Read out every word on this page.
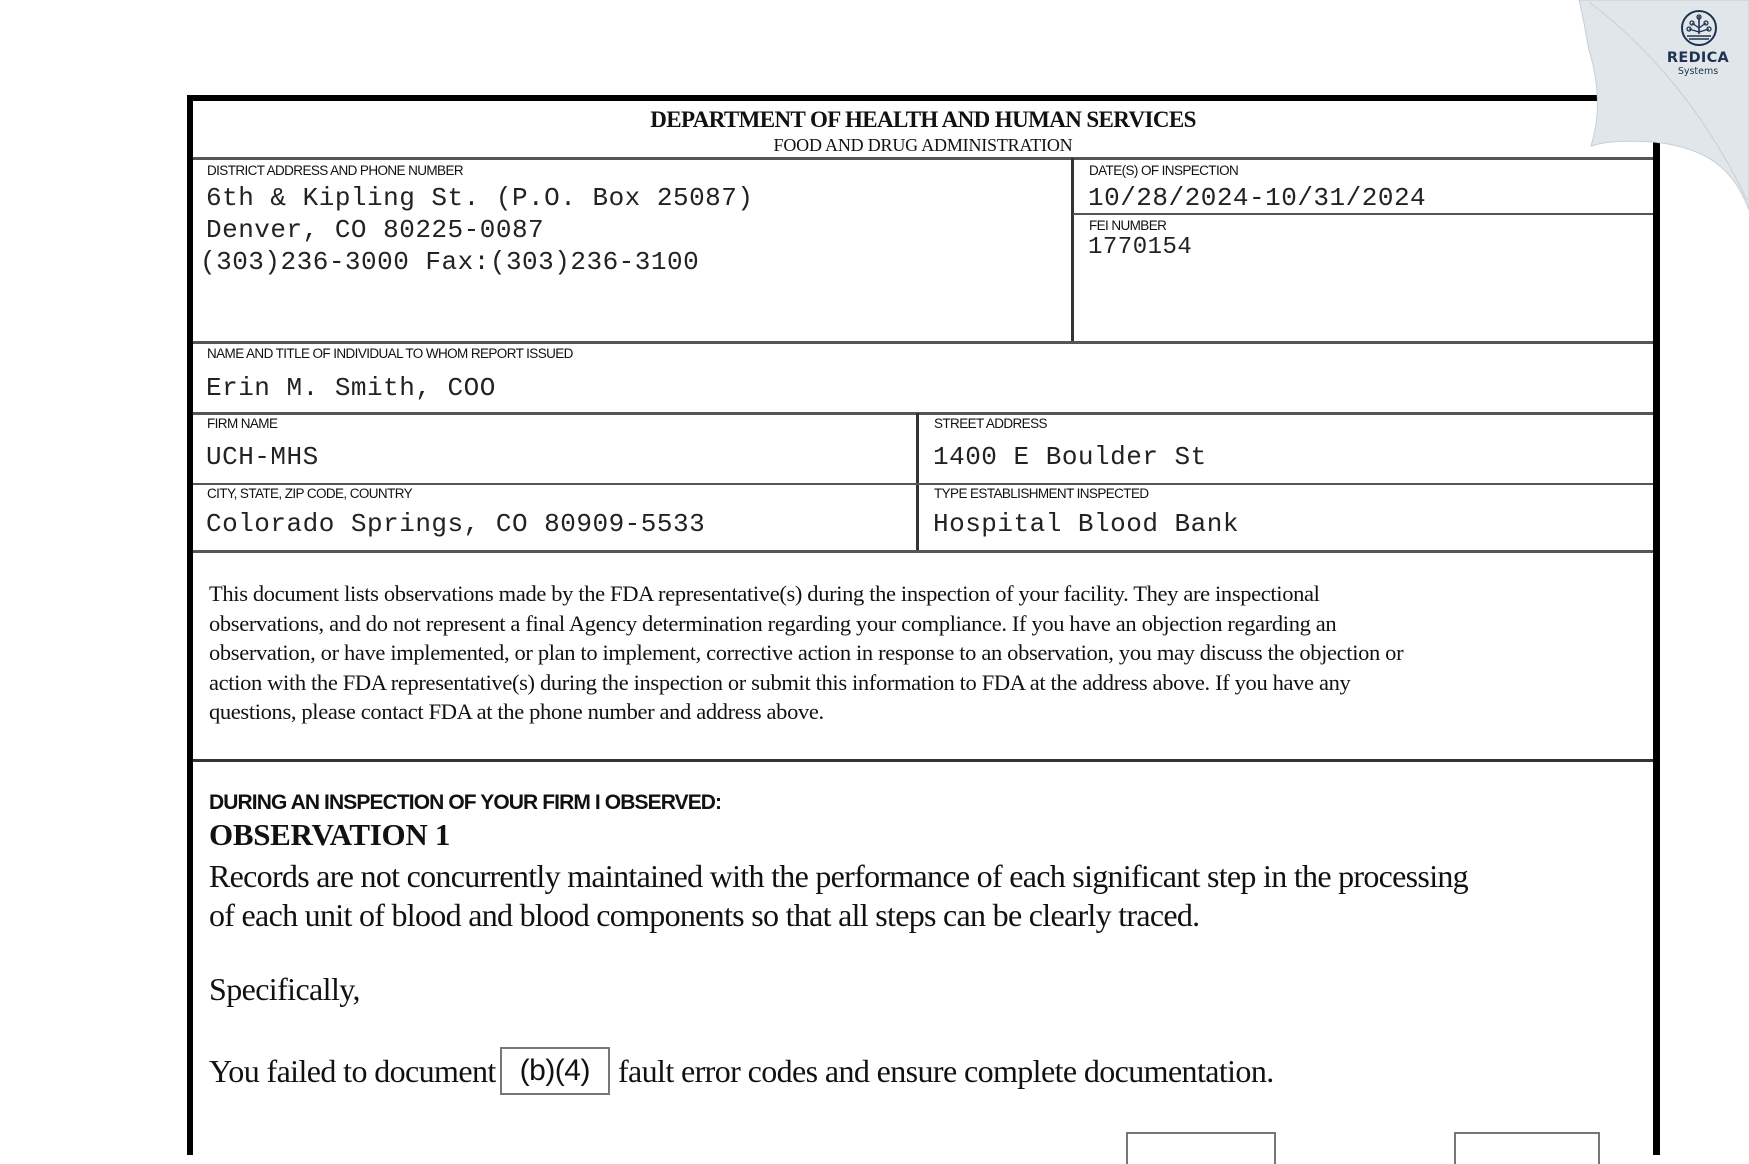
DEPARTMENT OF HEALTH AND HUMAN SERVICES
FOOD AND DRUG ADMINISTRATION
DISTRICT ADDRESS AND PHONE NUMBER
6th & Kipling St. (P.O. Box 25087)
Denver, CO 80225-0087
(303)236-3000 Fax:(303)236-3100
DATE(S) OF INSPECTION
10/28/2024-10/31/2024
FEI NUMBER
1770154
NAME AND TITLE OF INDIVIDUAL TO WHOM REPORT ISSUED
Erin M. Smith, COO
FIRM NAME
UCH-MHS
STREET ADDRESS
1400 E Boulder St
CITY, STATE, ZIP CODE, COUNTRY
Colorado Springs, CO 80909-5533
TYPE ESTABLISHMENT INSPECTED
Hospital Blood Bank

This document lists observations made by the FDA representative(s) during the inspection of your facility. They are inspectional

observations, and do not represent a final Agency determination regarding your compliance. If you have an objection regarding an

observation, or have implemented, or plan to implement, corrective action in response to an observation, you may discuss the objection or

action with the FDA representative(s) during the inspection or submit this information to FDA at the address above. If you have any

questions, please contact FDA at the phone number and address above.

DURING AN INSPECTION OF YOUR FIRM I OBSERVED:
OBSERVATION 1

Records are not concurrently maintained with the performance of each significant step in the processing

of each unit of blood and blood components so that all steps can be clearly traced.

Specifically,
You failed to document (b)(4) fault error codes and ensure complete documentation.
REDICA
Systems
